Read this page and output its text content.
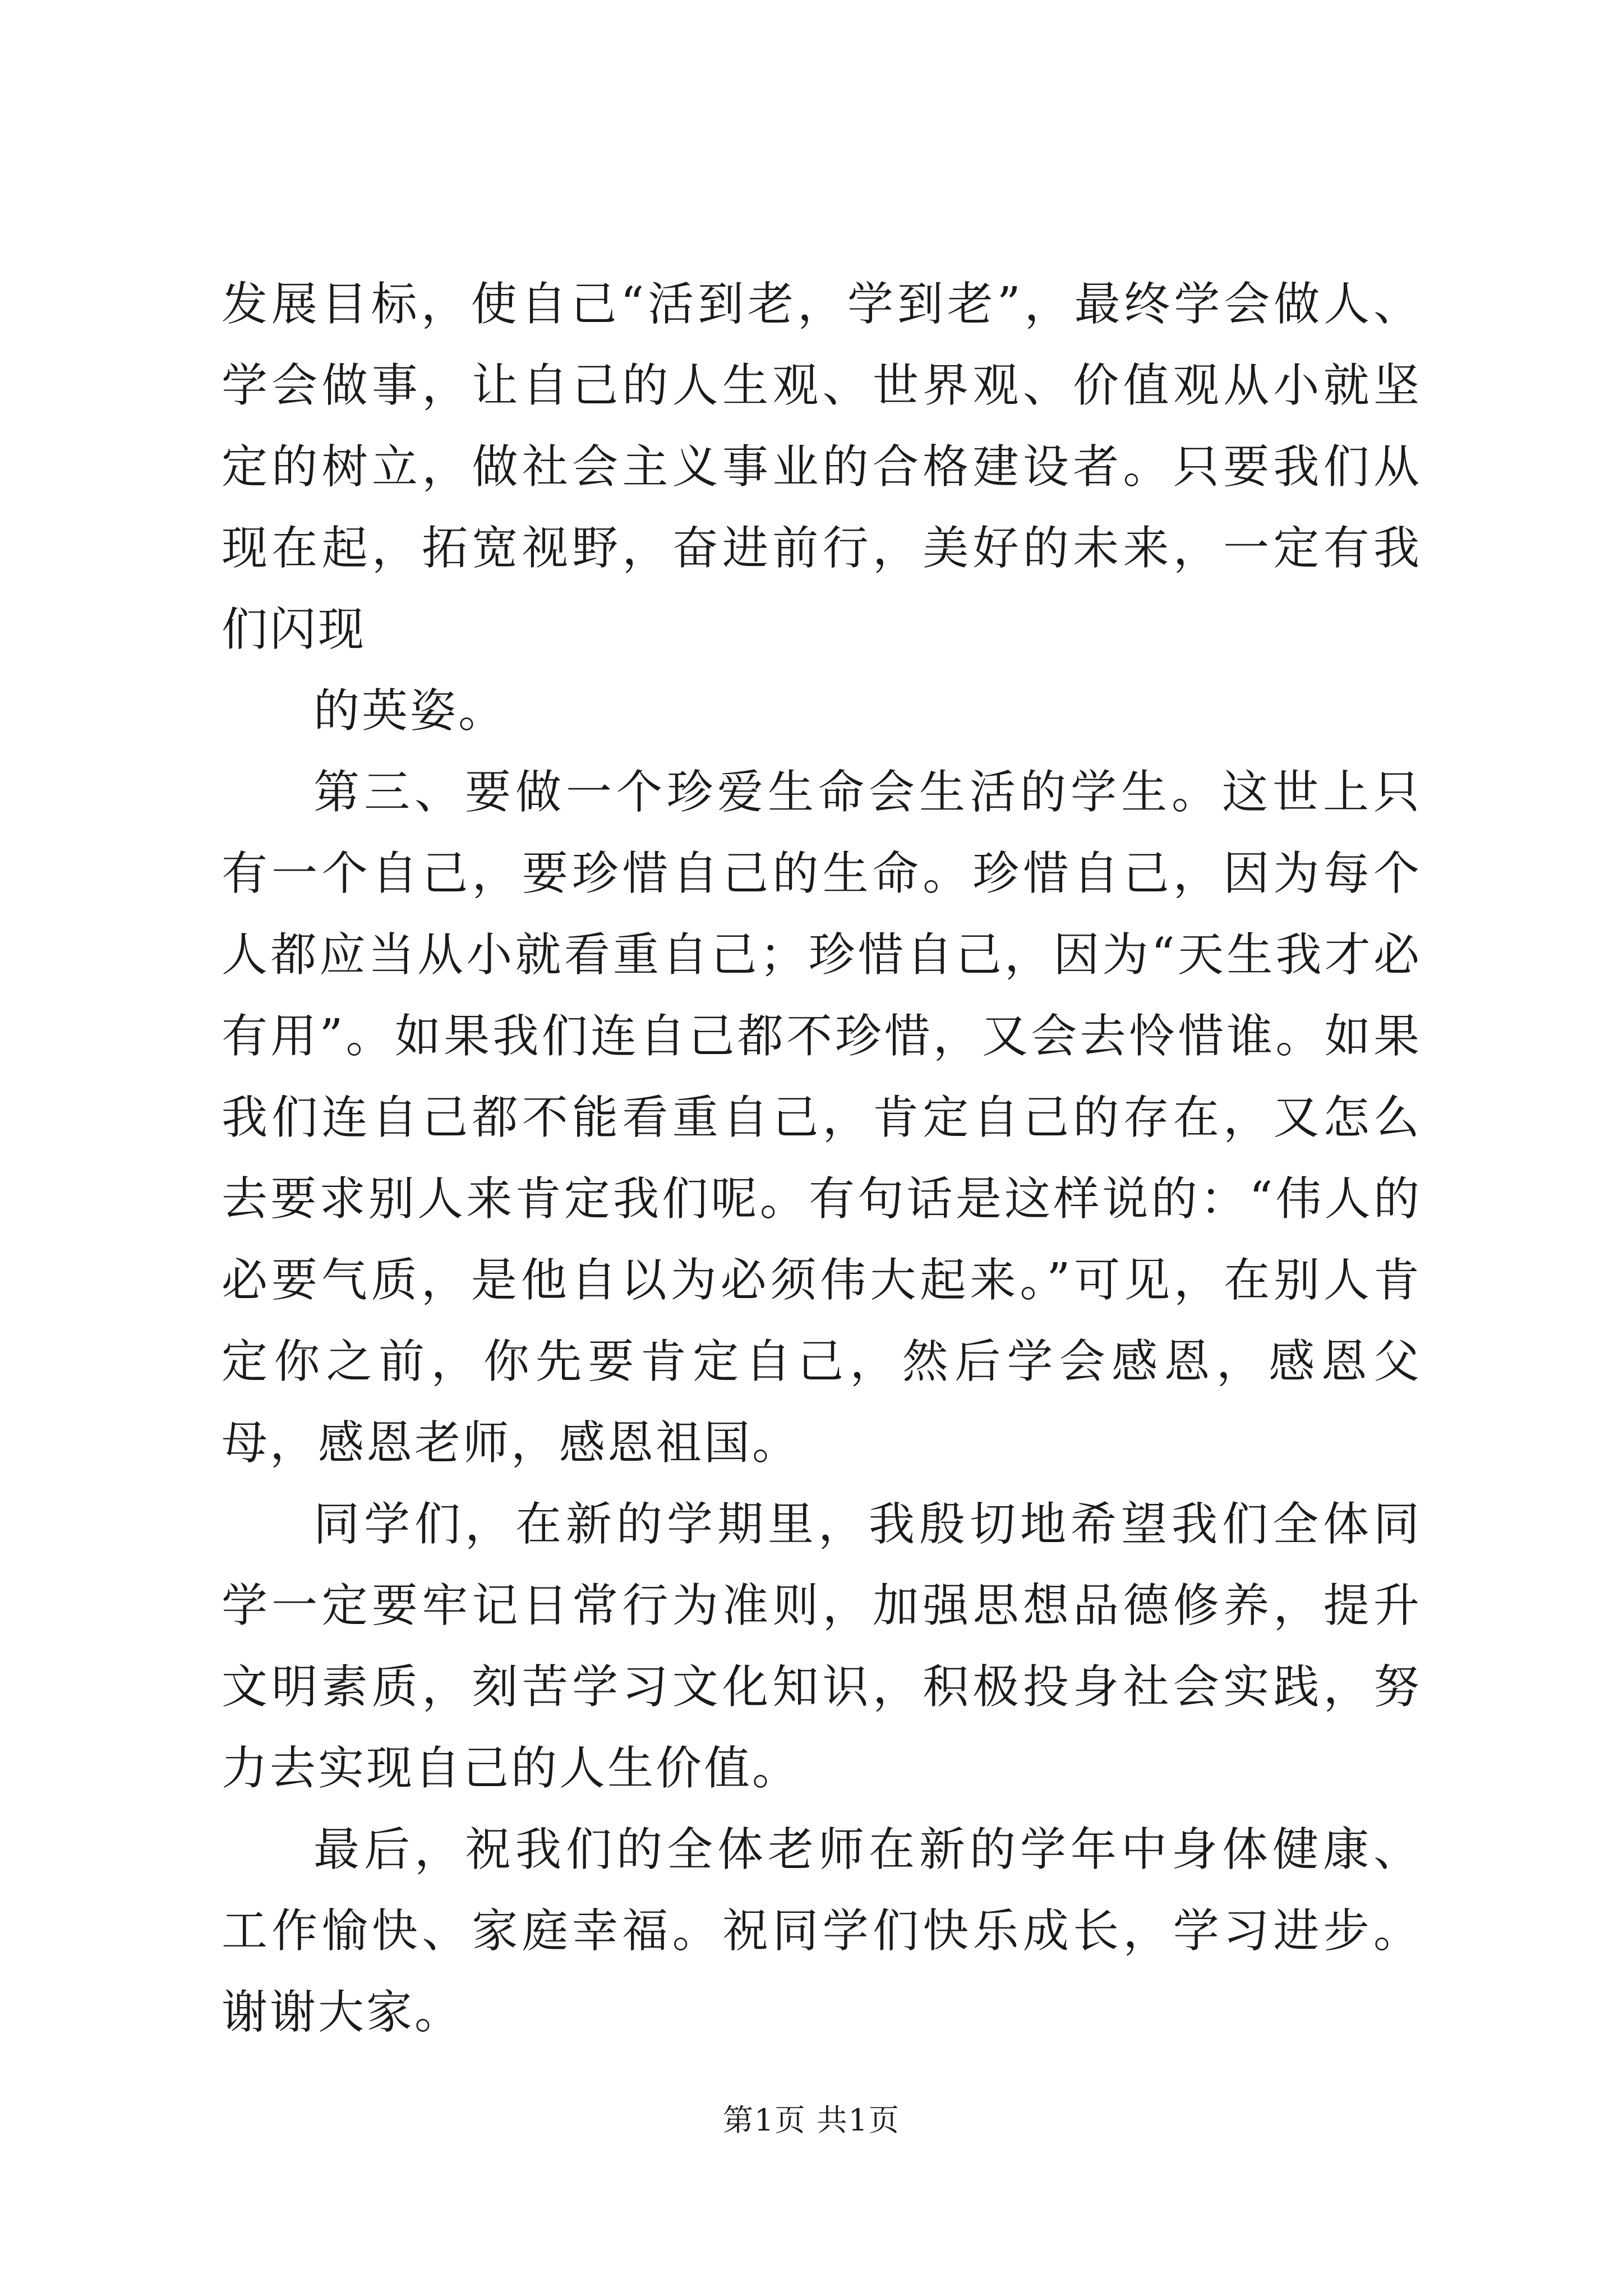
发展目标，使自己“活到老，学到老”，最终学会做人、学会做事，让自己的人生观、世界观、价值观从小就坚定的树立，做社会主义事业的合格建设者。只要我们从现在起，拓宽视野，奋进前行，美好的未来，一定有我们闪现

的英姿。

第三、要做一个珍爱生命会生活的学生。这世上只有一个自己，要珍惜自己的生命。珍惜自己，因为每个人都应当从小就看重自己；珍惜自己，因为“天生我才必有用”。如果我们连自己都不珍惜，又会去怜惜谁。如果我们连自己都不能看重自己，肯定自己的存在，又怎么去要求别人来肯定我们呢。有句话是这样说的：“伟人的必要气质，是他自以为必须伟大起来。”可见，在别人肯定你之前，你先要肯定自己，然后学会感恩，感恩父母，感恩老师，感恩祖国。

同学们，在新的学期里，我殷切地希望我们全体同学一定要牢记日常行为准则，加强思想品德修养，提升文明素质，刻苦学习文化知识，积极投身社会实践，努力去实现自己的人生价值。

最后，祝我们的全体老师在新的学年中身体健康、工作愉快、家庭幸福。祝同学们快乐成长，学习进步。谢谢大家。

第1页 共1页
